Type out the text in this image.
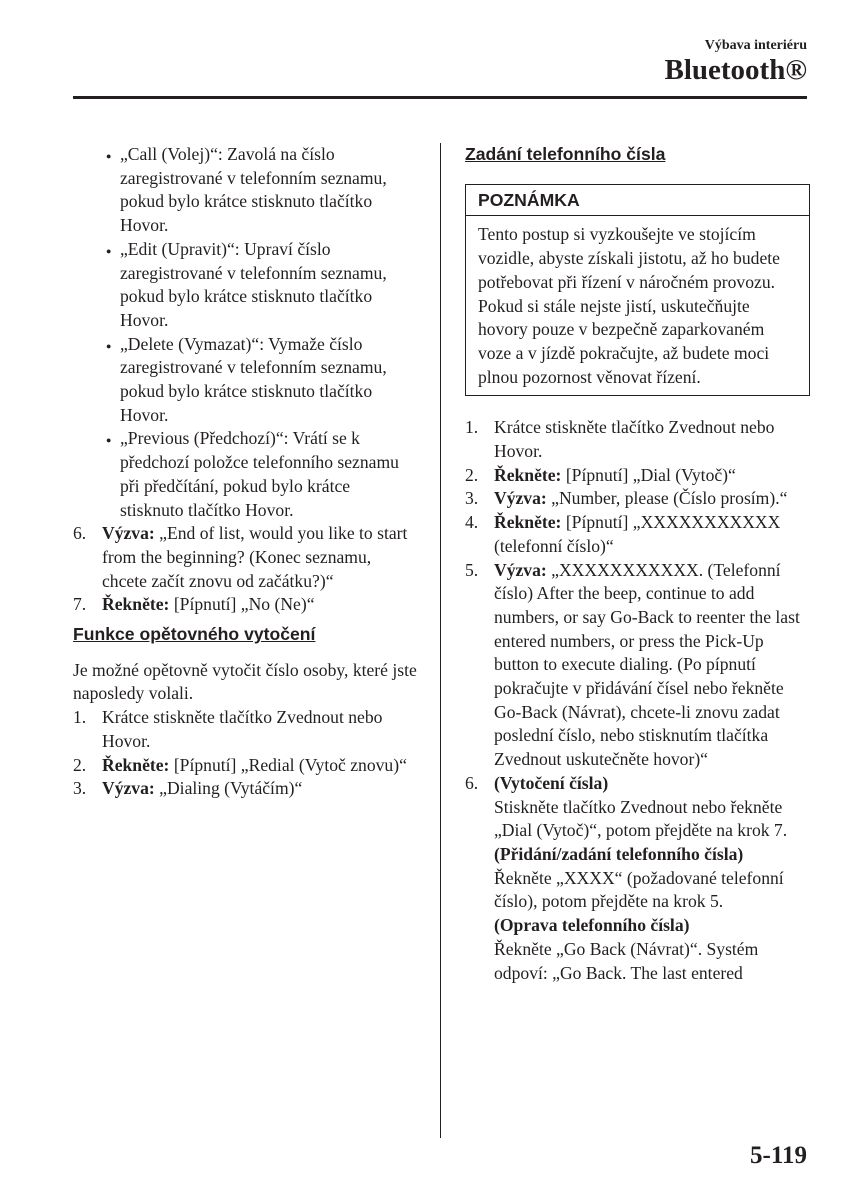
Výbava interiéru
Bluetooth®
● „Call (Volej)“: Zavolá na číslo zaregistrované v telefonním seznamu, pokud bylo krátce stisknuto tlačítko Hovor.
● „Edit (Upravit)“: Upraví číslo zaregistrované v telefonním seznamu, pokud bylo krátce stisknuto tlačítko Hovor.
● „Delete (Vymazat)“: Vymaže číslo zaregistrované v telefonním seznamu, pokud bylo krátce stisknuto tlačítko Hovor.
● „Previous (Předchozí)“: Vrátí se k předchozí položce telefonního seznamu při předčítání, pokud bylo krátce stisknuto tlačítko Hovor.
6. Výzva: „End of list, would you like to start from the beginning? (Konec seznamu, chcete začít znovu od začátku?)“
7. Řekněte: [Pípnutí] „No (Ne)“
Funkce opětovného vytočení

Je možné opětovně vytočit číslo osoby, které jste naposledy volali.

1. Krátce stiskněte tlačítko Zvednout nebo Hovor.
2. Řekněte: [Pípnutí] „Redial (Vytoč znovu)“
3. Výzva: „Dialing (Vytáčím)“
Zadání telefonního čísla
POZNÁMKA
Tento postup si vyzkoušejte ve stojícím vozidle, abyste získali jistotu, až ho budete potřebovat při řízení v náročném provozu. Pokud si stále nejste jistí, uskutečňujte hovory pouze v bezpečně zaparkovaném voze a v jízdě pokračujte, až budete moci plnou pozornost věnovat řízení.
1. Krátce stiskněte tlačítko Zvednout nebo Hovor.
2. Řekněte: [Pípnutí] „Dial (Vytoč)“
3. Výzva: „Number, please (Číslo prosím).“
4. Řekněte: [Pípnutí] „XXXXXXXXXXX (telefonní číslo)“
5. Výzva: „XXXXXXXXXXX. (Telefonní číslo) After the beep, continue to add numbers, or say Go-Back to reenter the last entered numbers, or press the Pick-Up button to execute dialing. (Po pípnutí pokračujte v přidávání čísel nebo řekněte Go-Back (Návrat), chcete-li znovu zadat poslední číslo, nebo stisknutím tlačítka Zvednout uskutečněte hovor)“
6. (Vytočení čísla)
Stiskněte tlačítko Zvednout nebo řekněte „Dial (Vytoč)“, potom přejděte na krok 7.
(Přidání/zadání telefonního čísla)
Řekněte „XXXX“ (požadované telefonní číslo), potom přejděte na krok 5.
(Oprava telefonního čísla)
Řekněte „Go Back (Návrat)“. Systém odpoví: „Go Back. The last entered
5-119
